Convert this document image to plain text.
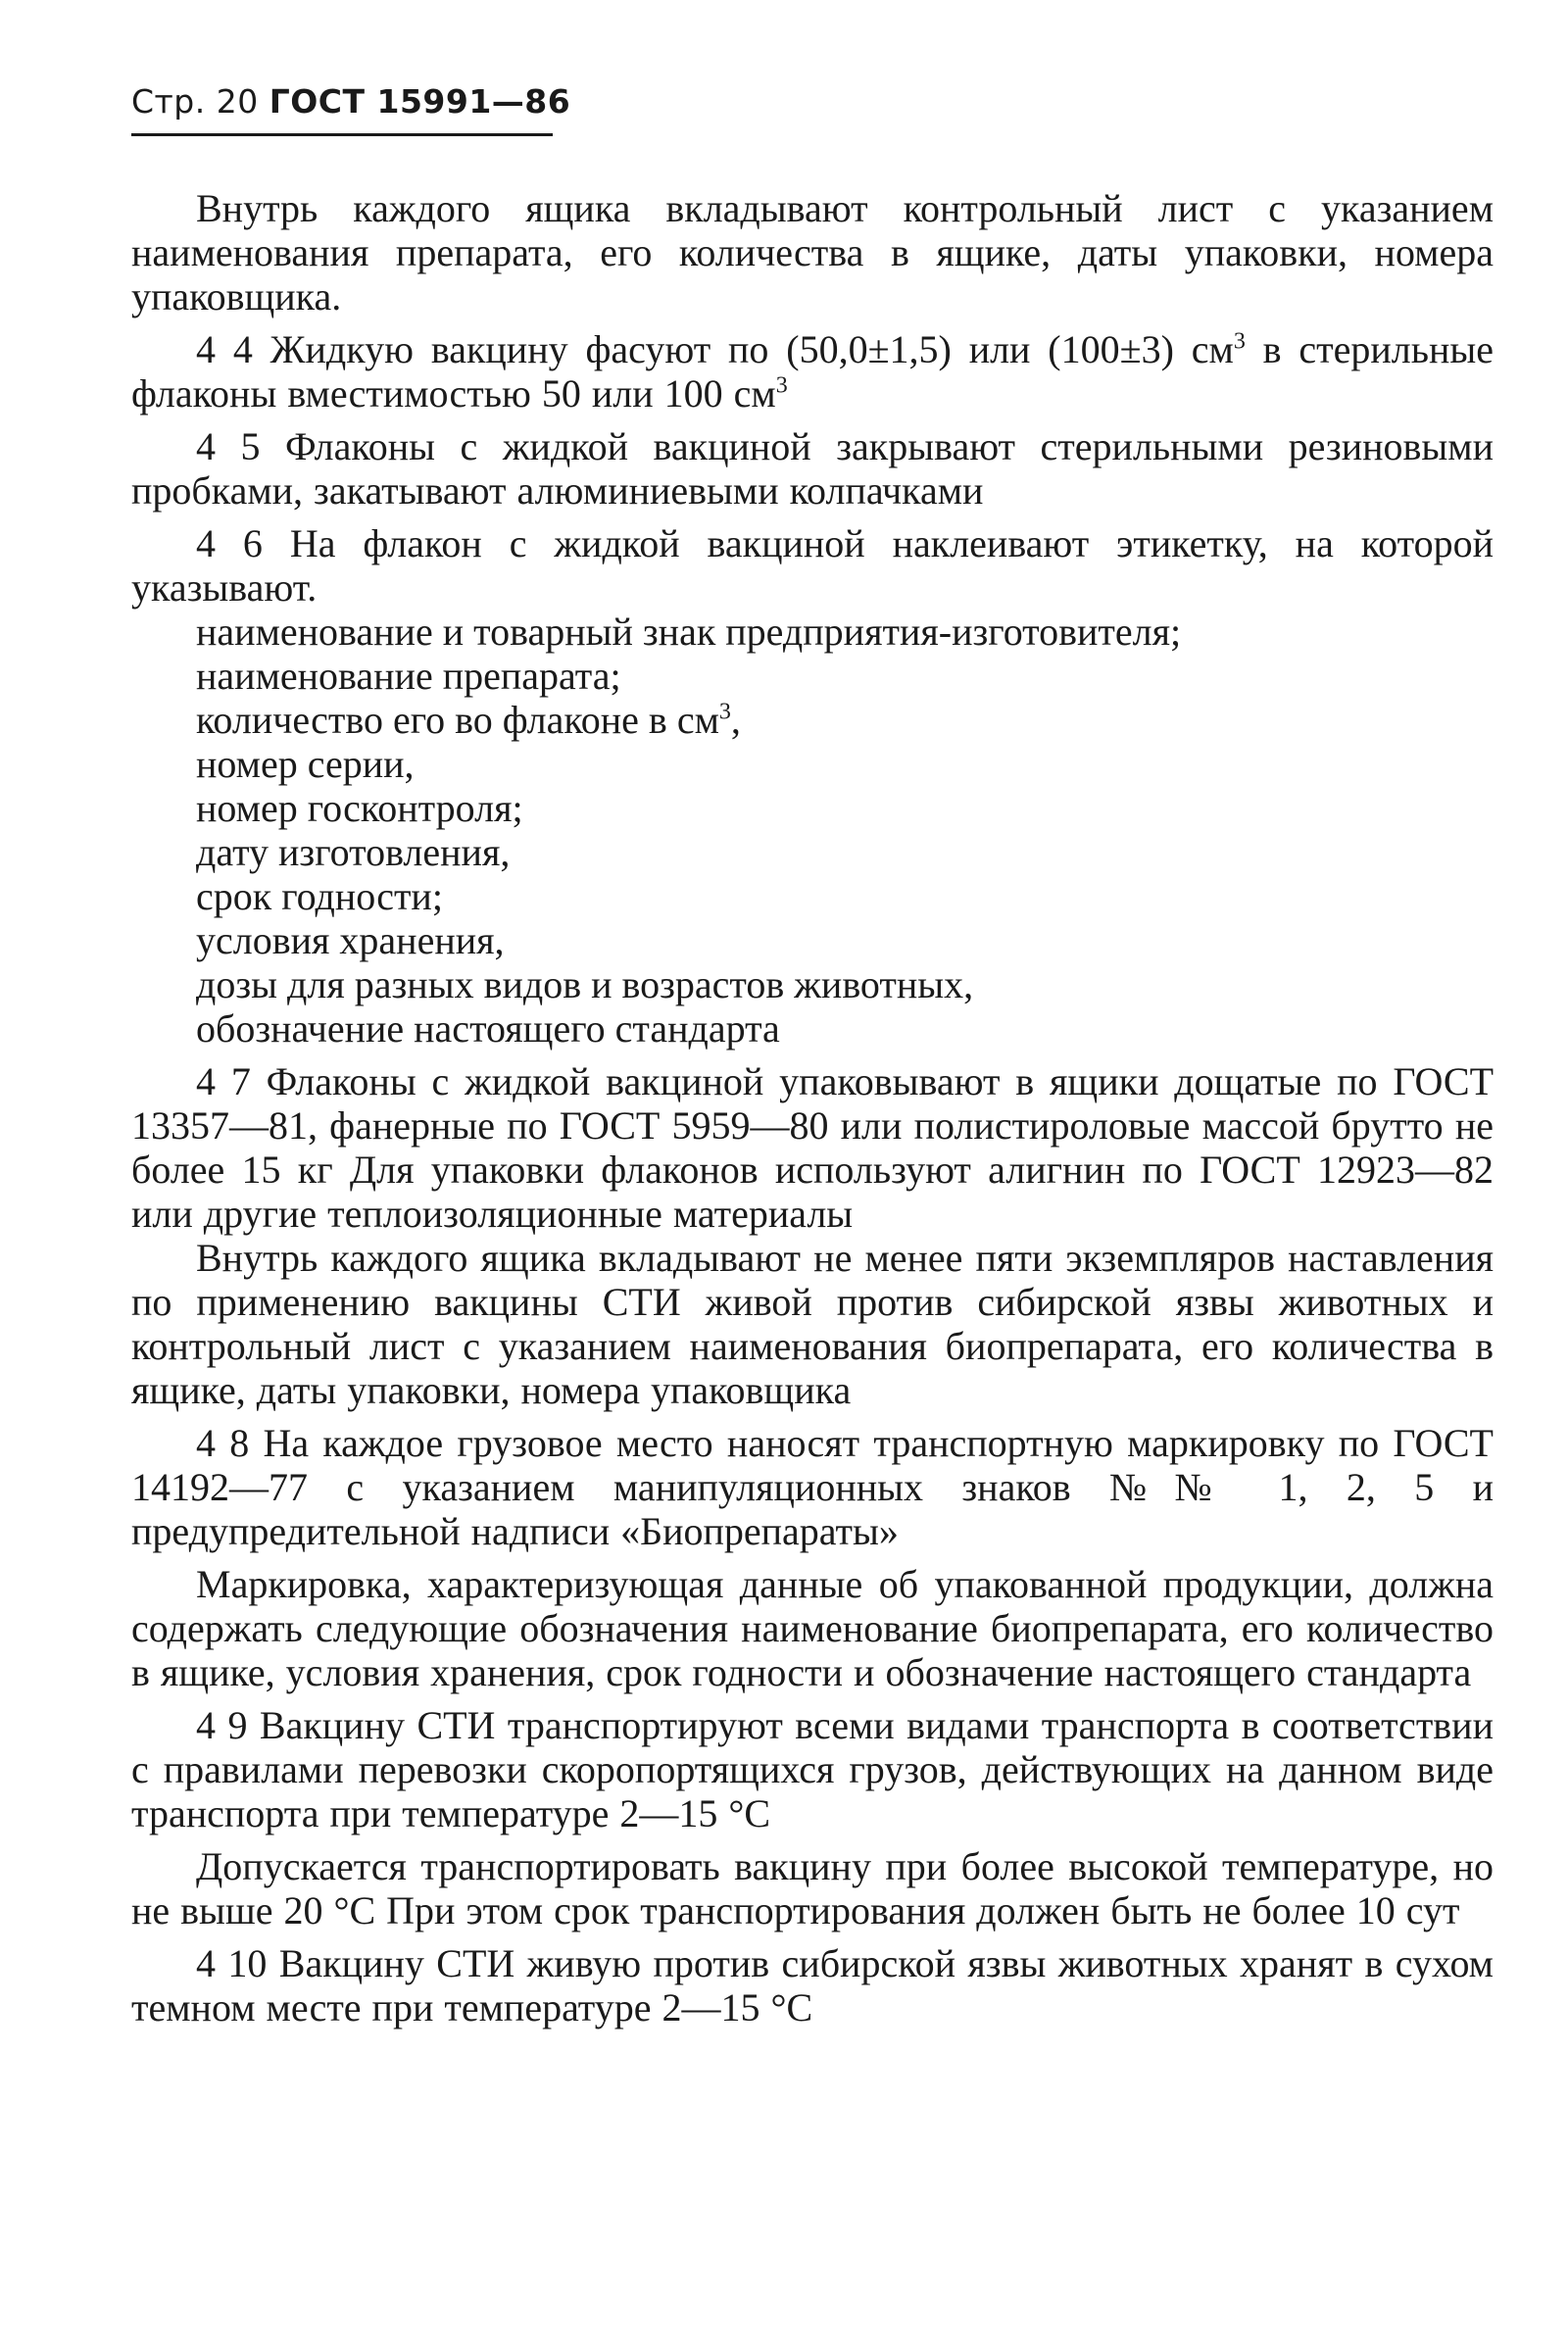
Стр. 20 ГОСТ 15991—86

Внутрь каждого ящика вкладывают контрольный лист с указанием наименования препарата, его количества в ящике, даты упаковки, номера упаковщика.

4 4 Жидкую вакцину фасуют по (50,0±1,5) или (100±3) $см^3$ в стерильные флаконы вместимостью 50 или 100 $см^3$

4 5 Флаконы с жидкой вакциной закрывают стерильными резиновыми пробками, закатывают алюминиевыми колпачками

4 6 На флакон с жидкой вакциной наклеивают этикетку, на которой указывают.

наименование и товарный знак предприятия-изготовителя;
наименование препарата;
количество его во флаконе в $см^3$,
номер серии,
номер госконтроля;
дату изготовления,
срок годности;
условия хранения,
дозы для разных видов и возрастов животных,
обозначение настоящего стандарта

4 7 Флаконы с жидкой вакциной упаковывают в ящики дощатые по ГОСТ 13357—81, фанерные по ГОСТ 5959—80 или полистироловые массой брутто не более 15 кг Для упаковки флаконов используют алигнин по ГОСТ 12923—82 или другие теплоизоляционные материалы

Внутрь каждого ящика вкладывают не менее пяти экземпляров наставления по применению вакцины СТИ живой против сибирской язвы животных и контрольный лист с указанием наименования биопрепарата, его количества в ящике, даты упаковки, номера упаковщика

4 8 На каждое грузовое место наносят транспортную маркировку по ГОСТ 14192—77 с указанием манипуляционных знаков №№ 1, 2, 5 и предупредительной надписи «Биопрепараты»

Маркировка, характеризующая данные об упакованной продукции, должна содержать следующие обозначения наименование биопрепарата, его количество в ящике, условия хранения, срок годности и обозначение настоящего стандарта

4 9 Вакцину СТИ транспортируют всеми видами транспорта в соответствии с правилами перевозки скоропортящихся грузов, действующих на данном виде транспорта при температуре 2—15 °С

Допускается транспортировать вакцину при более высокой температуре, но не выше 20 °С При этом срок транспортирования должен быть не более 10 сут

4 10 Вакцину СТИ живую против сибирской язвы животных хранят в сухом темном месте при температуре 2—15 °С
